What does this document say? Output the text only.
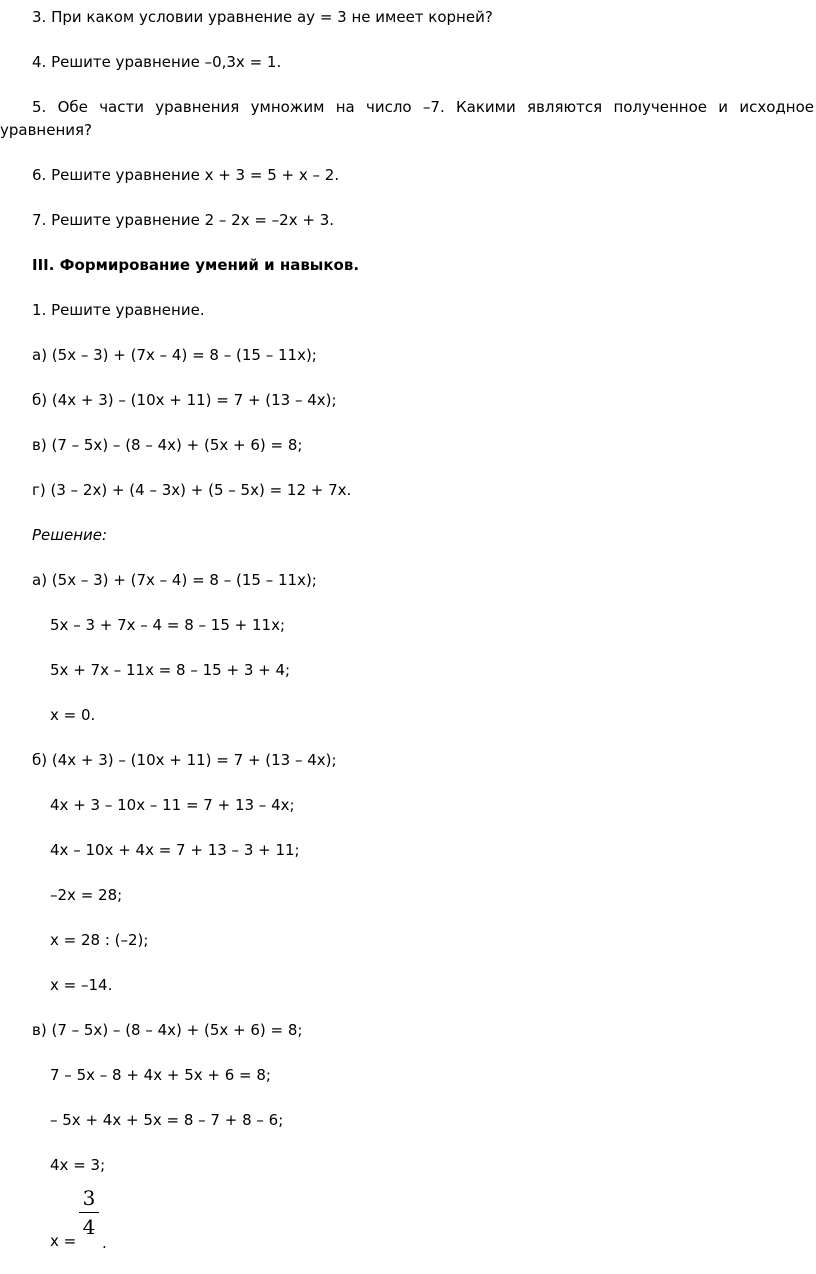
3. При каком условии уравнение ay = 3 не имеет корней?
4. Решите уравнение –0,3x = 1.
5. Обе части уравнения умножим на число –7. Какими являются полученное и исходное
уравнения?
6. Решите уравнение x + 3 = 5 + x – 2.
7. Решите уравнение 2 – 2x = –2x + 3.
III. Формирование умений и навыков.
1. Решите уравнение.
а) (5x – 3) + (7x – 4) = 8 – (15 – 11x);
б) (4x + 3) – (10x + 11) = 7 + (13 – 4x);
в) (7 – 5x) – (8 – 4x) + (5x + 6) = 8;
г) (3 – 2x) + (4 – 3x) + (5 – 5x) = 12 + 7x.
Решение:
а) (5x – 3) + (7x – 4) = 8 – (15 – 11x);
5x – 3 + 7x – 4 = 8 – 15 + 11x;
5x + 7x – 11x = 8 – 15 + 3 + 4;
x = 0.
б) (4x + 3) – (10x + 11) = 7 + (13 – 4x);
4x + 3 – 10x – 11 = 7 + 13 – 4x;
4x – 10x + 4x = 7 + 13 – 3 + 11;
–2x = 28;
x = 28 : (–2);
x = –14.
в) (7 – 5x) – (8 – 4x) + (5x + 6) = 8;
7 – 5x – 8 + 4x + 5x + 6 = 8;
– 5x + 4x + 5x = 8 – 7 + 8 – 6;
4x = 3;
x =
3
4
.
